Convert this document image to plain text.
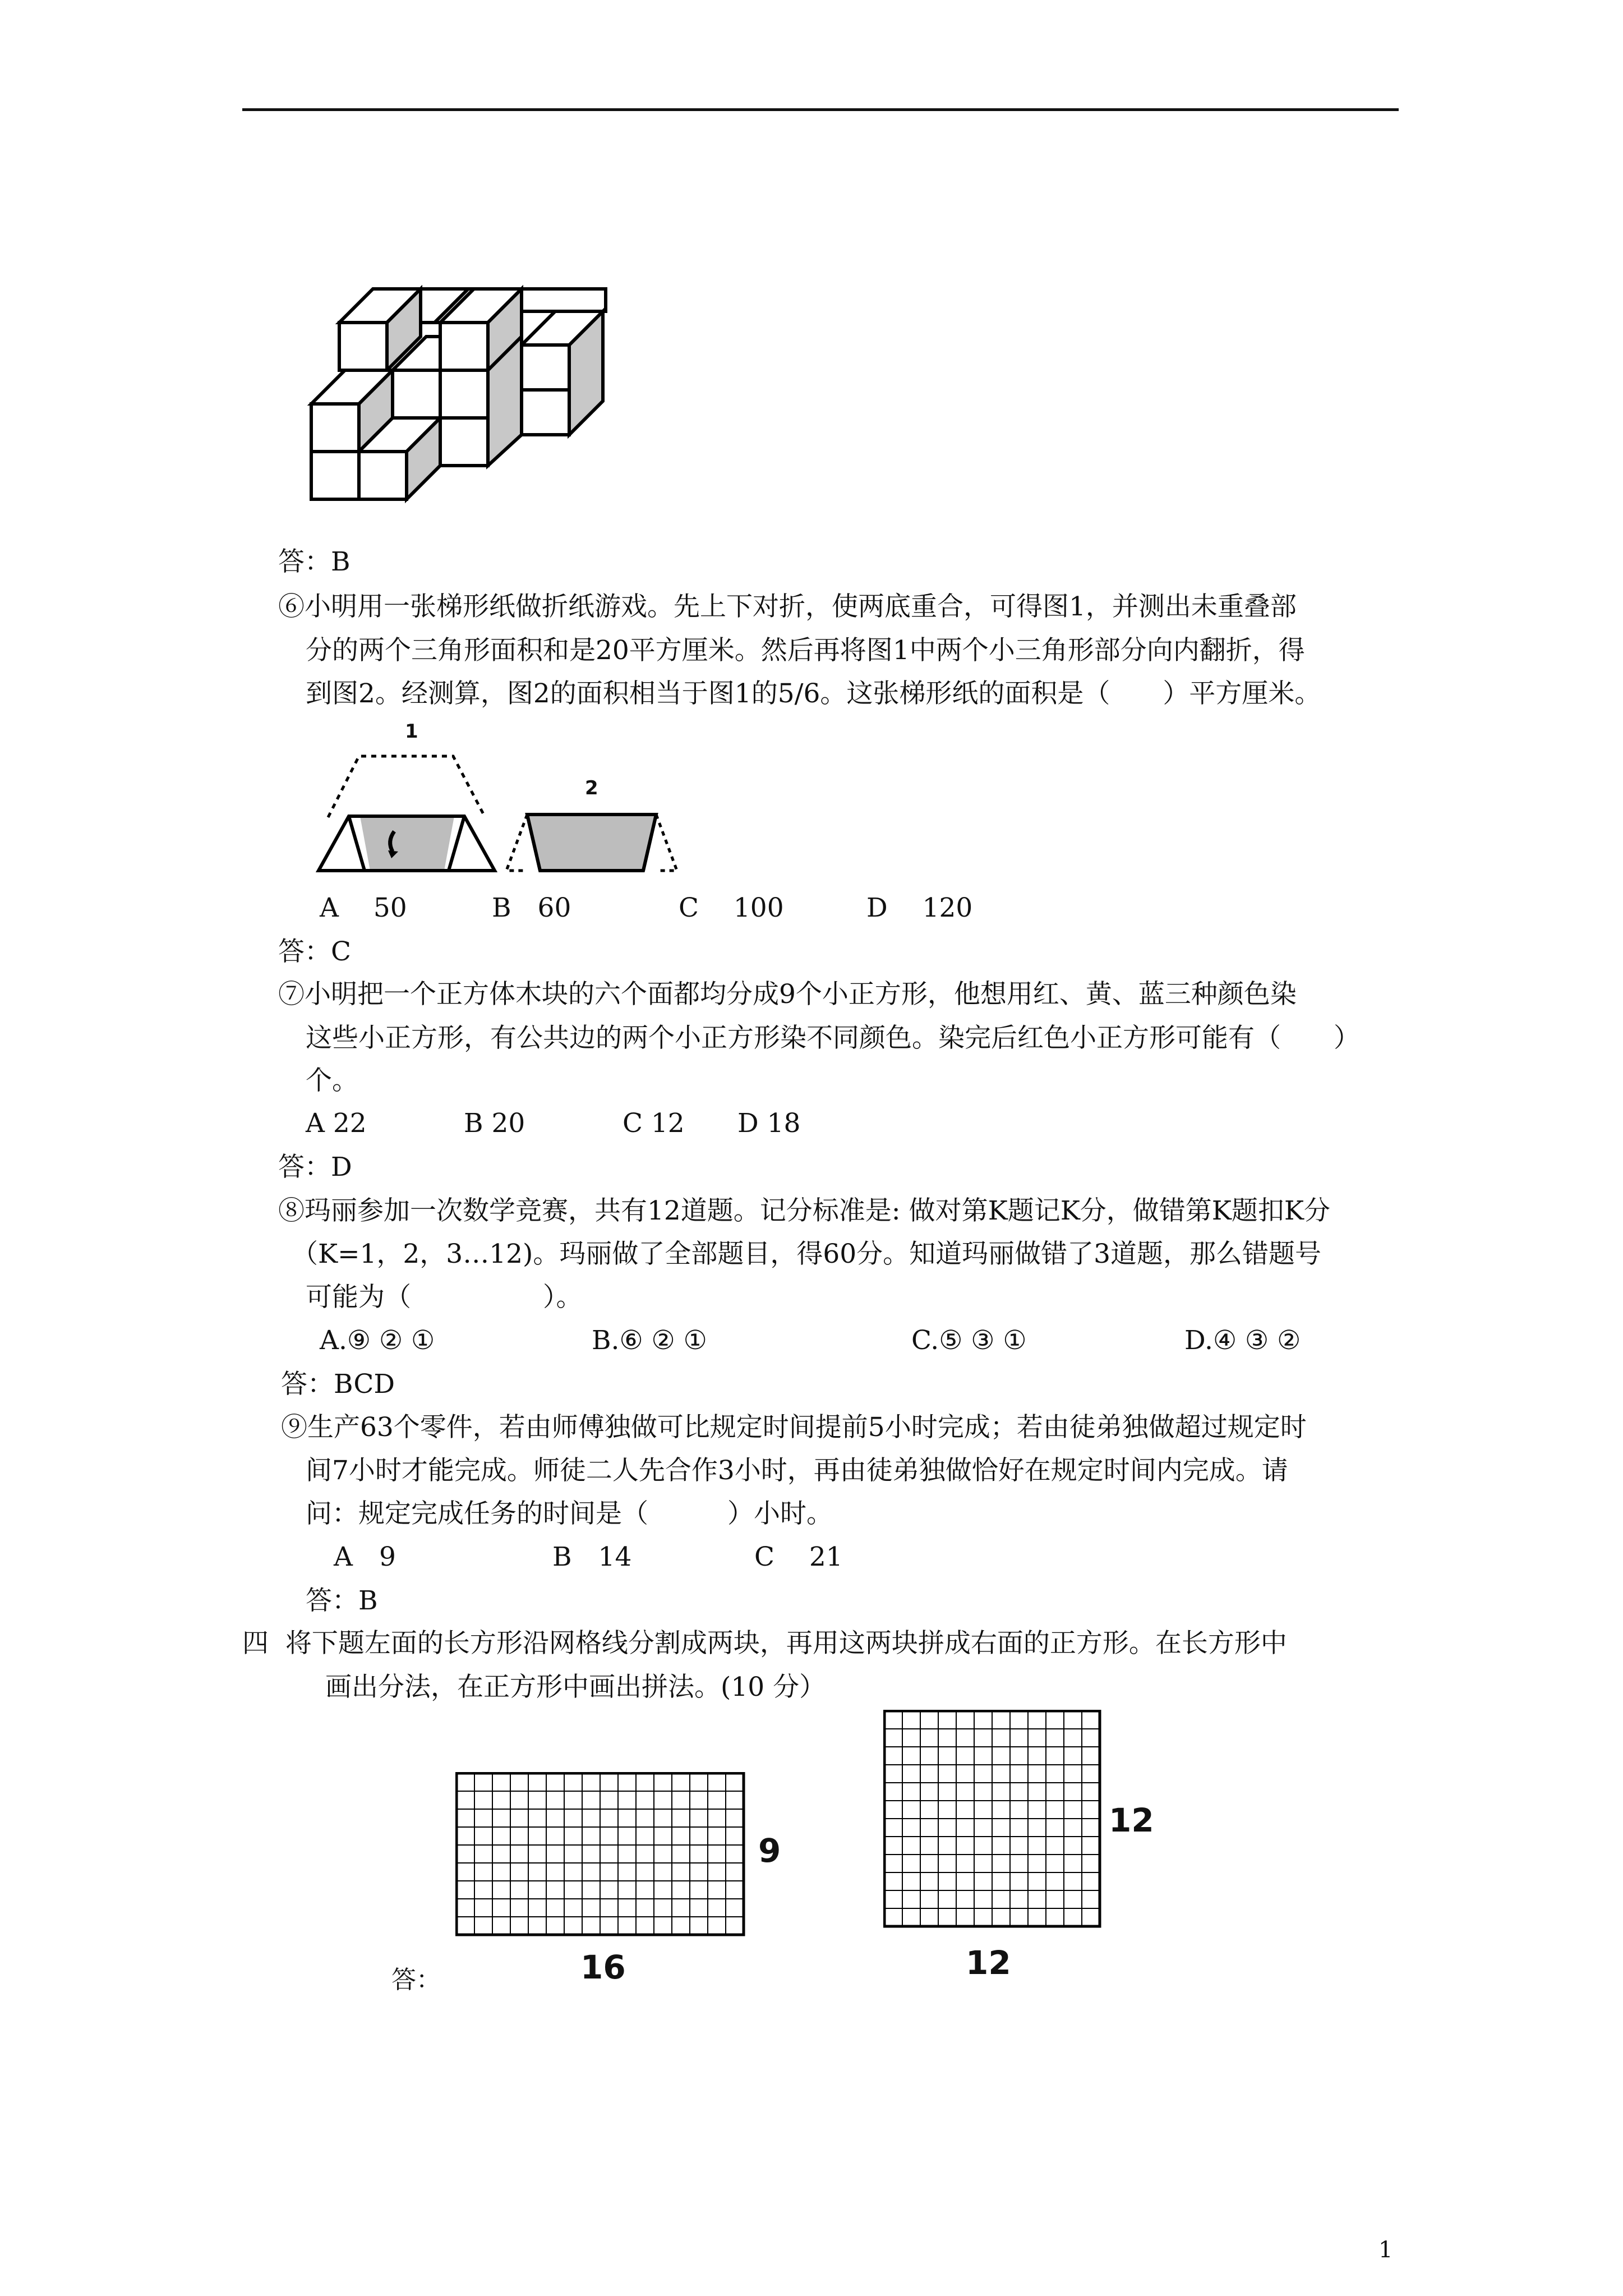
答：B
⑥小明用一张梯形纸做折纸游戏。先上下对折，使两底重合，可得图1，并测出未重叠部
分的两个三角形面积和是20平方厘米。然后再将图1中两个小三角形部分向内翻折，得
到图2。经测算，图2的面积相当于图1的5/6。这张梯形纸的面积是（　　）平方厘米。
1
2
A　 50	B　60	C　 100	D　 120
答：C
⑦小明把一个正方体木块的六个面都均分成9个小正方形，他想用红、黄、蓝三种颜色染
这些小正方形，有公共边的两个小正方形染不同颜色。染完后红色小正方形可能有（　　）
个。
A 22	B 20	C 12 D 18
答：D
⑧玛丽参加一次数学竞赛，共有12道题。记分标准是: 做对第K题记K分，做错第K题扣K分
（K=1，2，3…12)。玛丽做了全部题目，得60分。知道玛丽做错了3道题，那么错题号
可能为（　　　　　）。
A.⑨ ② ①	B.⑥ ② ①	C.⑤ ③ ①	D.④ ③ ②
答：BCD
⑨生产63个零件，若由师傅独做可比规定时间提前5小时完成；若由徒弟独做超过规定时
间7小时才能完成。师徒二人先合作3小时，再由徒弟独做恰好在规定时间内完成。请
问：规定完成任务的时间是（　　　）小时。
A　9	B　14	C　 21
答：B
四  将下题左面的长方形沿网格线分割成两块，再用这两块拼成右面的正方形。在长方形中
画出分法，在正方形中画出拼法。(10 分）
9
16
12
12
答：
1
